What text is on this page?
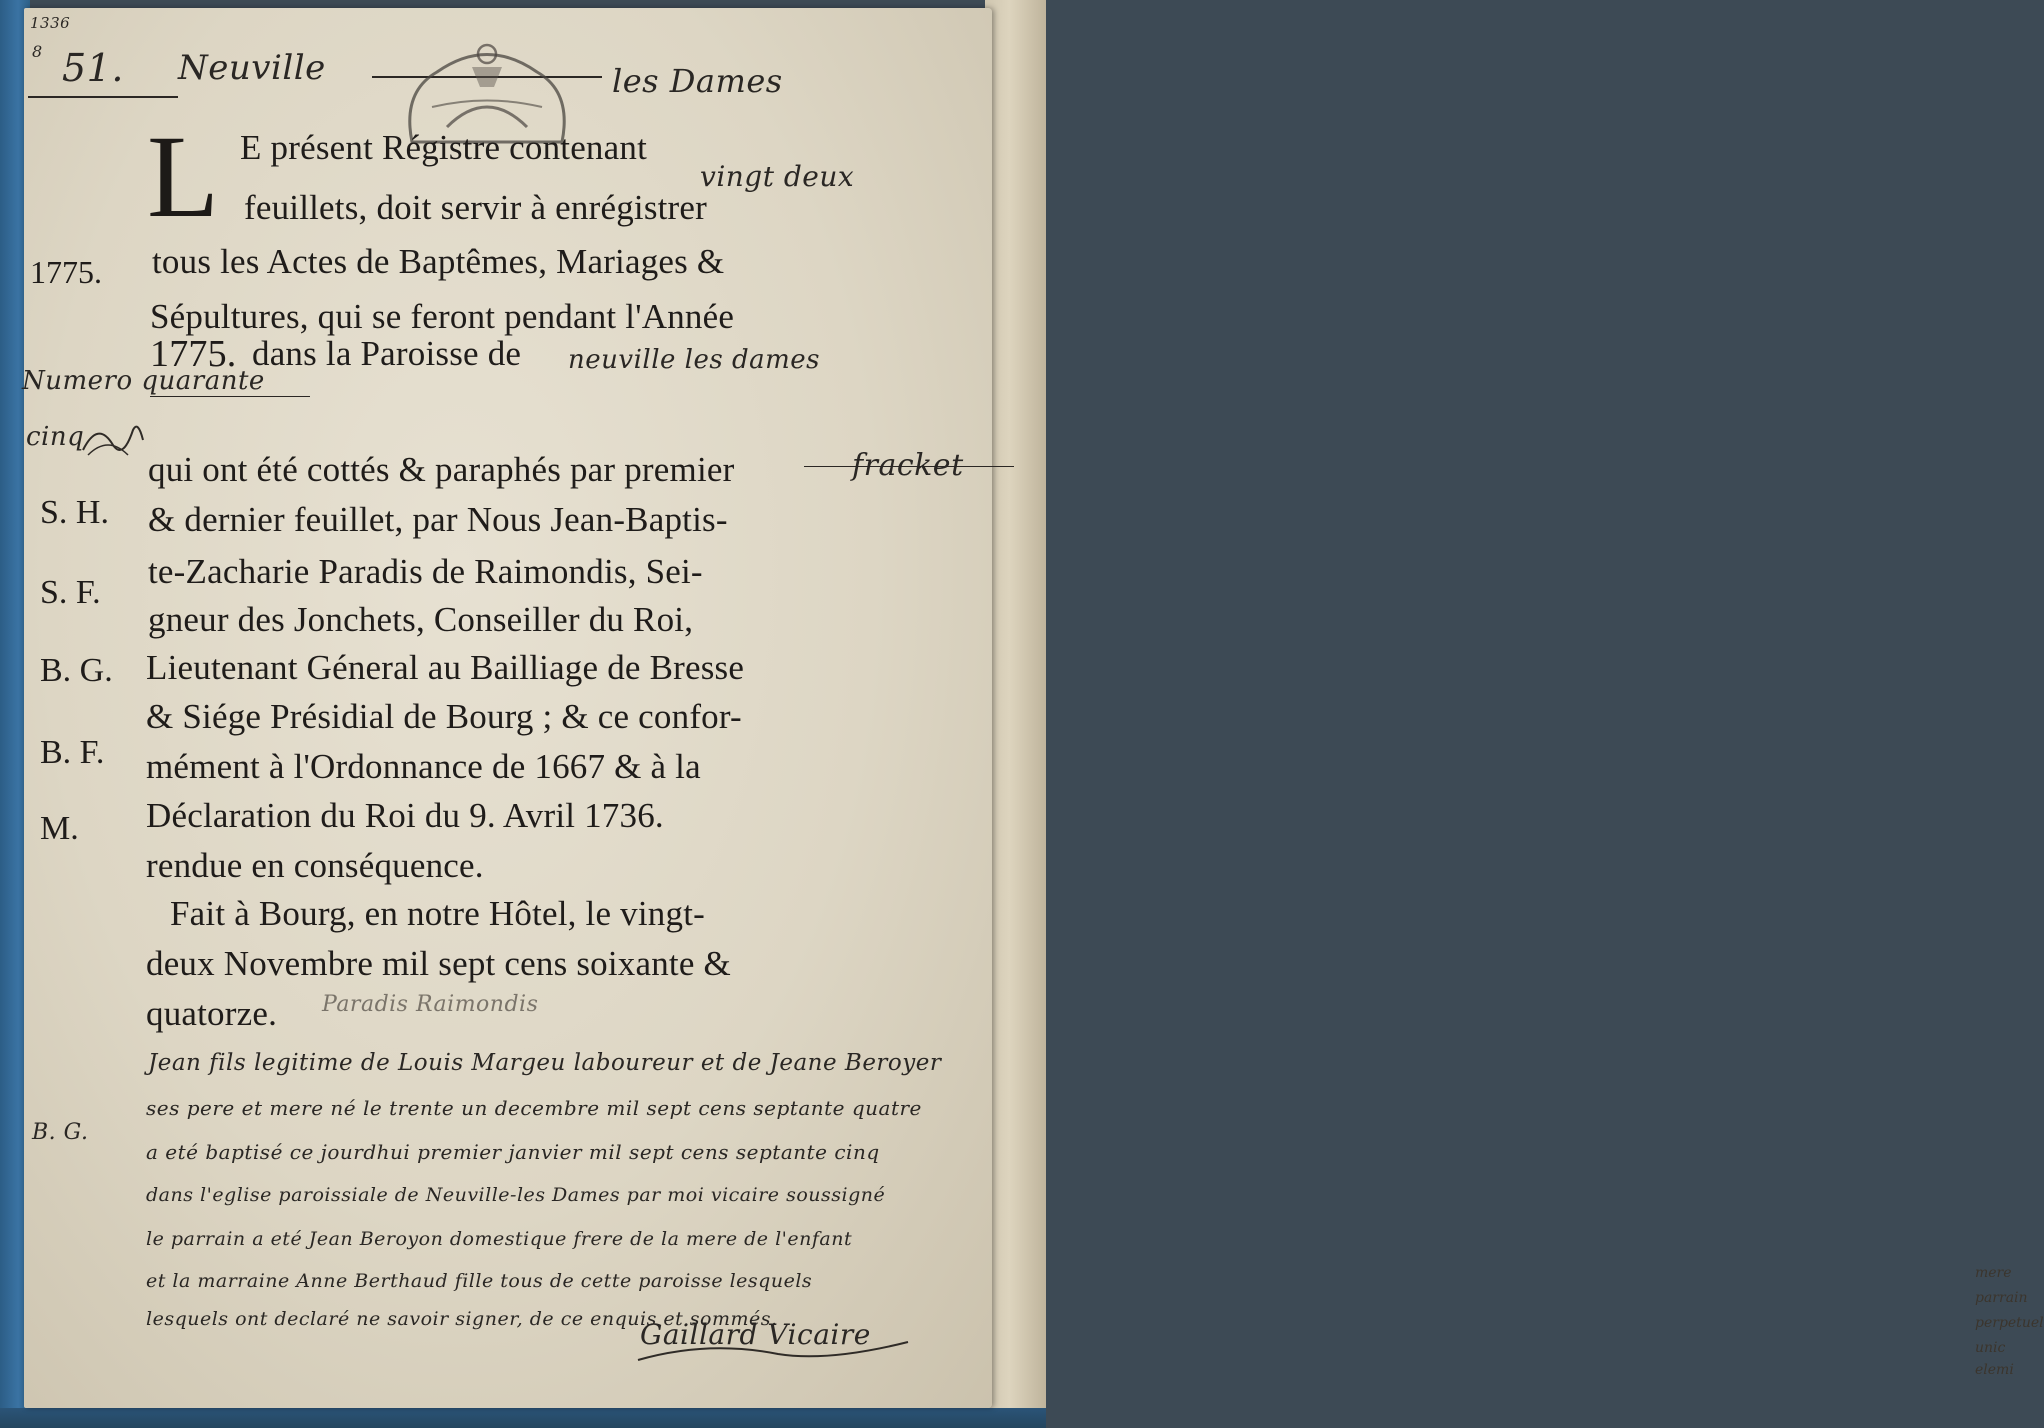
mere
parrain
perpetuel
unic
elemi
1336
8 51. Neuville	les Dames
L E présent Régistre contenant
vingt deux
feuillets, doit servir à enrégistrer
tous les Actes de Baptêmes, Mariages &
Sépultures, qui se feront pendant l'Année
1775. dans la Paroisse de neuville les dames
Numero quarante
cinq
qui ont été cottés & paraphés par premier	fracket
& dernier feuillet, par Nous Jean-Baptis-
te-Zacharie Paradis de Raimondis, Sei-
gneur des Jonchets, Conseiller du Roi,
Lieutenant Géneral au Bailliage de Bresse
& Siége Présidial de Bourg ; & ce confor-
mément à l'Ordonnance de 1667 & à la
Déclaration du Roi du 9. Avril 1736.
rendue en conséquence.
Fait à Bourg, en notre Hôtel, le vingt-
deux Novembre mil sept cens soixante &
quatorze. Paradis Raimondis
1775.
S. H.
S. F.
B. G.
B. F.
M.
B. G.
Jean fils legitime de Louis Margeu laboureur et de Jeane Beroyer
ses pere et mere né le trente un decembre mil sept cens septante quatre
a eté baptisé ce jourdhui premier janvier mil sept cens septante cinq
dans l'eglise paroissiale de Neuville-les Dames par moi vicaire soussigné
le parrain a eté Jean Beroyon domestique frere de la mere de l'enfant
et la marraine Anne Berthaud fille tous de cette paroisse lesquels
lesquels ont declaré ne savoir signer, de ce enquis et sommés.
Gaillard Vicaire
